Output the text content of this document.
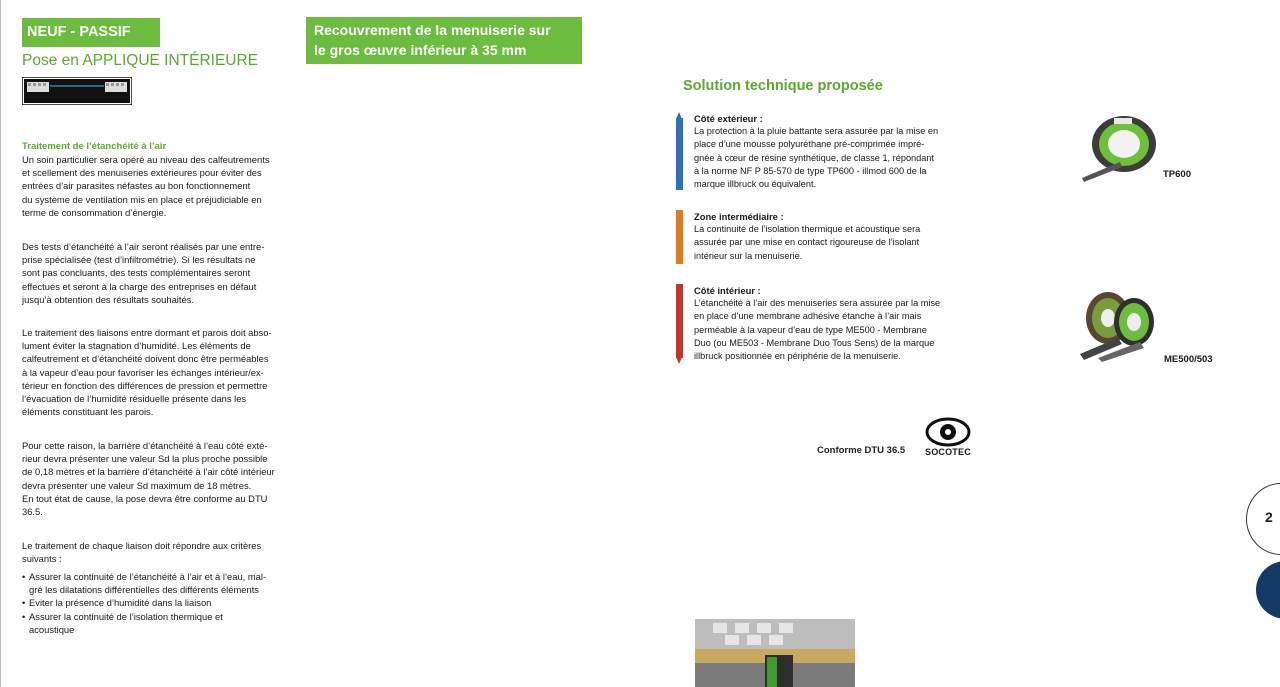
NEUF - PASSIF
Pose en APPLIQUE INTÉRIEURE
Recouvrement de la menuiserie sur
le gros œuvre inférieur à 35 mm
Traitement de l’étanchéité à l’air
Un soin particulier sera opéré au niveau des calfeutrements
et scellement des menuiseries extérieures pour éviter des
entrées d’air parasites néfastes au bon fonctionnement
du système de ventilation mis en place et préjudiciable en
terme de consommation d’énergie.
Des tests d’étanchéité à l’air seront réalisés par une entre-
prise spécialisée (test d’infiltrométrie). Si les résultats ne
sont pas concluants, des tests complémentaires seront
effectués et seront à la charge des entreprises en défaut
jusqu’à obtention des résultats souhaités.
Le traitement des liaisons entre dormant et parois doit abso-
lument éviter la stagnation d’humidité. Les éléments de
calfeutrement et d’étanchéité doivent donc être perméables
à la vapeur d’eau pour favoriser les échanges intérieur/ex-
térieur en fonction des différences de pression et permettre
l’évacuation de l’humidité résiduelle présente dans les
éléments constituant les parois.
Pour cette raison, la barrière d’étanchéité à l’eau côté exté-
rieur devra présenter une valeur Sd la plus proche possible
de 0,18 mètres et la barrière d’étanchéité à l’air côté intérieur
devra présenter une valeur Sd maximum de 18 mètres.
En tout état de cause, la pose devra être conforme au DTU
36.5.
Le traitement de chaque liaison doit répondre aux critères
suivants :
• Assurer la continuité de l’étanchéité à l’air et à l’eau, mal-
gré les dilatations différentielles des différents éléments
• Eviter la présence d’humidité dans la liaison
• Assurer la continuité de l’isolation thermique et
acoustique
Solution technique proposée
Côté extérieur :
La protection à la pluie battante sera assurée par la mise en
place d’une mousse polyuréthane pré-comprimée impré-
gnée à cœur de résine synthétique, de classe 1, répondant
à la norme NF P 85-570 de type TP600 - illmod 600 de la
marque illbruck ou équivalent.
Zone intermédiaire :
La continuité de l’isolation thermique et acoustique sera
assurée par une mise en contact rigoureuse de l’isolant
intérieur sur la menuiserie.
Côté intérieur :
L’étanchéité à l’air des menuiseries sera assurée par la mise
en place d’une membrane adhésive étanche à l’air mais
perméable à la vapeur d’eau de type ME500 - Membrane
Duo (ou ME503 - Membrane Duo Tous Sens) de la marque
illbruck positionnée en périphérie de la menuiserie.
TP600
ME500/503
Conforme DTU 36.5 SOCOTEC
2
